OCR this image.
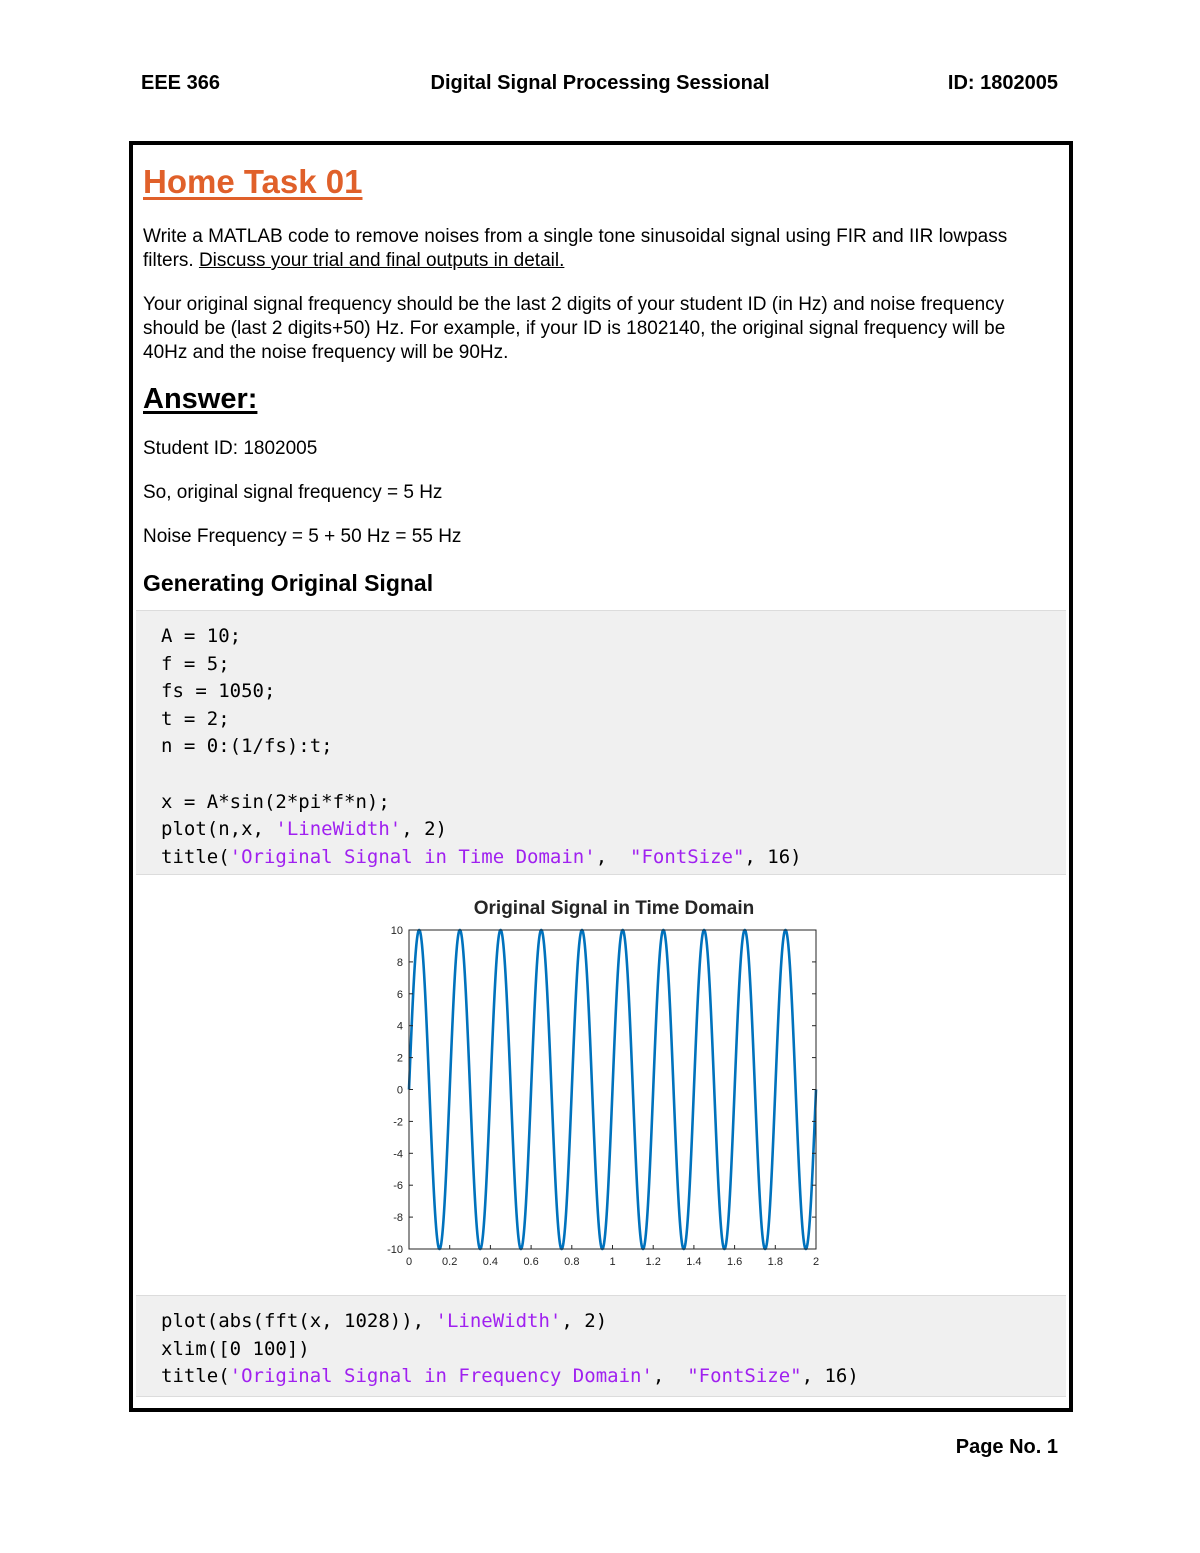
EEE 366	Digital Signal Processing Sessional	ID: 1802005
Home Task 01

Write a MATLAB code to remove noises from a single tone sinusoidal signal using FIR and IIR lowpass filters. Discuss your trial and final outputs in detail.

Your original signal frequency should be the last 2 digits of your student ID (in Hz) and noise frequency should be (last 2 digits+50) Hz. For example, if your ID is 1802140, the original signal frequency will be 40Hz and the noise frequency will be 90Hz.

Answer:

Student ID: 1802005

So, original signal frequency = 5 Hz

Noise Frequency = 5 + 50 Hz = 55 Hz

Generating Original Signal
A = 10;
f = 5;
fs = 1050;
t = 2;
n = 0:(1/fs):t;

x = A*sin(2*pi*f*n);
plot(n,x, 'LineWidth', 2)
title('Original Signal in Time Domain',  "FontSize", 16)
Original Signal in Time Domain
0	0.2 0.4 0.6 0.8	1	1.2 1.4 1.6 1.8	2
10
8
6
4
2
0
-2
-4
-6
-8
-10
plot(abs(fft(x, 1028)), 'LineWidth', 2)
xlim([0 100])
title('Original Signal in Frequency Domain',  "FontSize", 16)
Page No. 1
